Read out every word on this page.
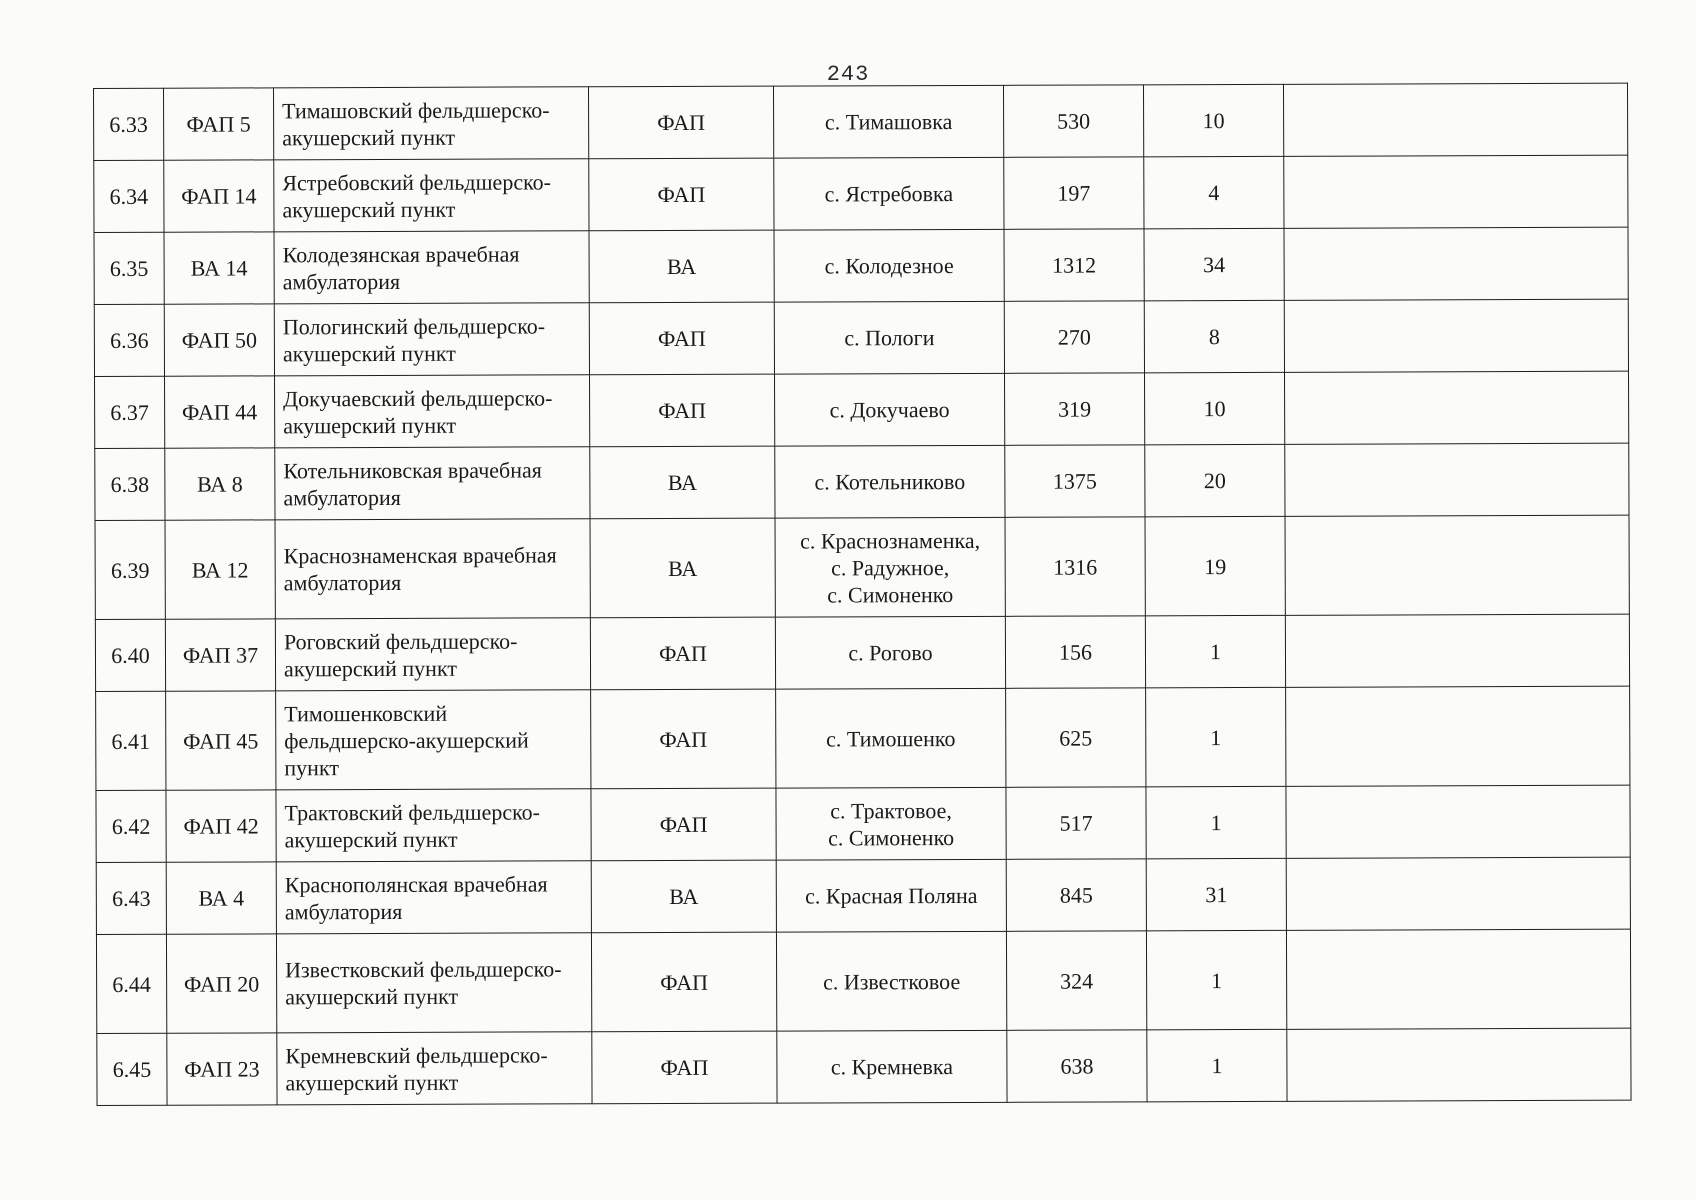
243
6.33	ФАП 5	Тимашовский фельдшерско-акушерский пункт	ФАП	с. Тимашовка	530	10	
6.34	ФАП 14	Ястребовский фельдшерско-акушерский пункт	ФАП	с. Ястребовка	197	4	
6.35	ВА 14	Колодезянская врачебная амбулатория	ВА	с. Колодезное	1312	34	
6.36	ФАП 50	Пологинский фельдшерско-акушерский пункт	ФАП	с. Пологи	270	8	
6.37	ФАП 44	Докучаевский фельдшерско-акушерский пункт	ФАП	с. Докучаево	319	10	
6.38	ВА 8	Котельниковская врачебная амбулатория	ВА	с. Котельниково	1375	20	
6.39	ВА 12	Краснознаменская врачебная амбулатория	ВА	с. Краснознаменка,
с. Радужное,
с. Симоненко	1316	19	
6.40	ФАП 37	Роговский фельдшерско-акушерский пункт	ФАП	с. Рогово	156	1	
6.41	ФАП 45	Тимошенковский фельдшерско-акушерский пункт	ФАП	с. Тимошенко	625	1	
6.42	ФАП 42	Трактовский фельдшерско-акушерский пункт	ФАП	с. Трактовое,
с. Симоненко	517	1	
6.43	ВА 4	Краснополянская врачебная амбулатория	ВА	с. Красная Поляна	845	31	
6.44	ФАП 20	Известковский фельдшерско-акушерский пункт	ФАП	с. Известковое	324	1	
6.45	ФАП 23	Кремневский фельдшерско-акушерский пункт	ФАП	с. Кремневка	638	1	
